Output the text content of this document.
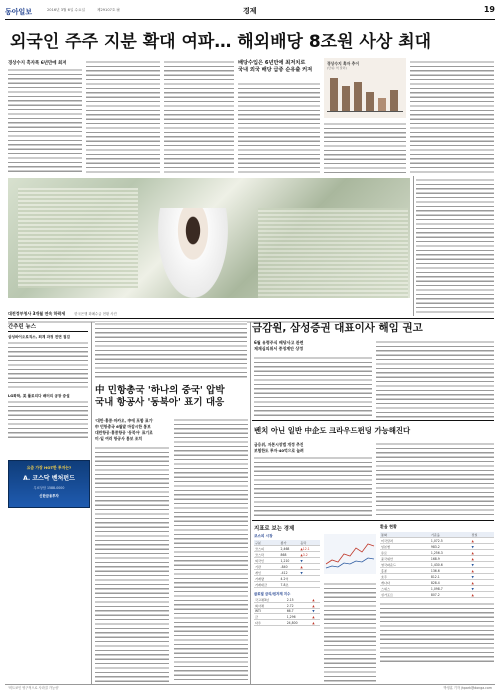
동아일보	2016년 3월 6일 수요일	제29107호 ㉵	경제	19
외국인 주주 지분 확대 여파… 해외배당 8조원 사상 최대
경상수지 흑자폭 6년만에 최저	배당수입은 6년만에 최저치로
국내 외국 배당 급증 순유출 커져
경상수지 흑자 추이
(단위: 억 달러)
대전정부청사 3개월 연속 하락세	한국은행 화폐수급 현황 사진
금감원, 삼성증권 대표이사 해임 권고
간추린 뉴스
삼성바이오로직스, 회계 과정 전면 점검
LG화학, 美 플로리다 배터리 공장 증설
요즘 가장 HOT한 투자는?
A. 코스닥 벤처펀드
무료상담 1588-0000
신한금융투자
中 민항총국 '하나의 중국' 압박
국내 항공사 '동북아' 표기 대응
'대만·홍콩·마카오, 中에 포함 표기'
中 민항총국 6월말 마감시한 통보
대만항공·홍콩항공 '동북아' 표기로
미·일 여러 항공사 통보 조치
6월 유령주식 배당사고 관련
제재심의위서 중징계안 상정
벤치 아닌 일반 中企도 크라우드펀딩 가능해진다
금융위, 자본시장법 개정 추진
보험한도 투자·40억으로 늘려
지표로 보는 경제
코스피 시장
구분	종가	등락
코스피	2,468	▲12.1
코스닥	868	▲3.2
외국인	1,210	▼
기관	-840	▲
개인	-412	▼
거래량	4.2억	
거래대금	7.8조	
글로벌 금리/원자재 지수
국고채3년	2.15	▲
회사채	2.72	▲
WTI	66.7	▼
금	1,296	▲
다우	24,800	▲
환율 현황
통화	기준율	전일
미국달러	1,072.5	▲
일본엔	983.2	▼
유로	1,256.3	▲
중국위안	168.9	▲
영국파운드	1,430.6	▼
홍콩	136.6	▲
호주	812.1	▼
캐나다	828.4	▲
스위스	1,098.7	▼
싱가포르	807.2	▲
'비트코인 영구적으로 사라질 가능성'	박정훈 기자 jhpark@donga.com
